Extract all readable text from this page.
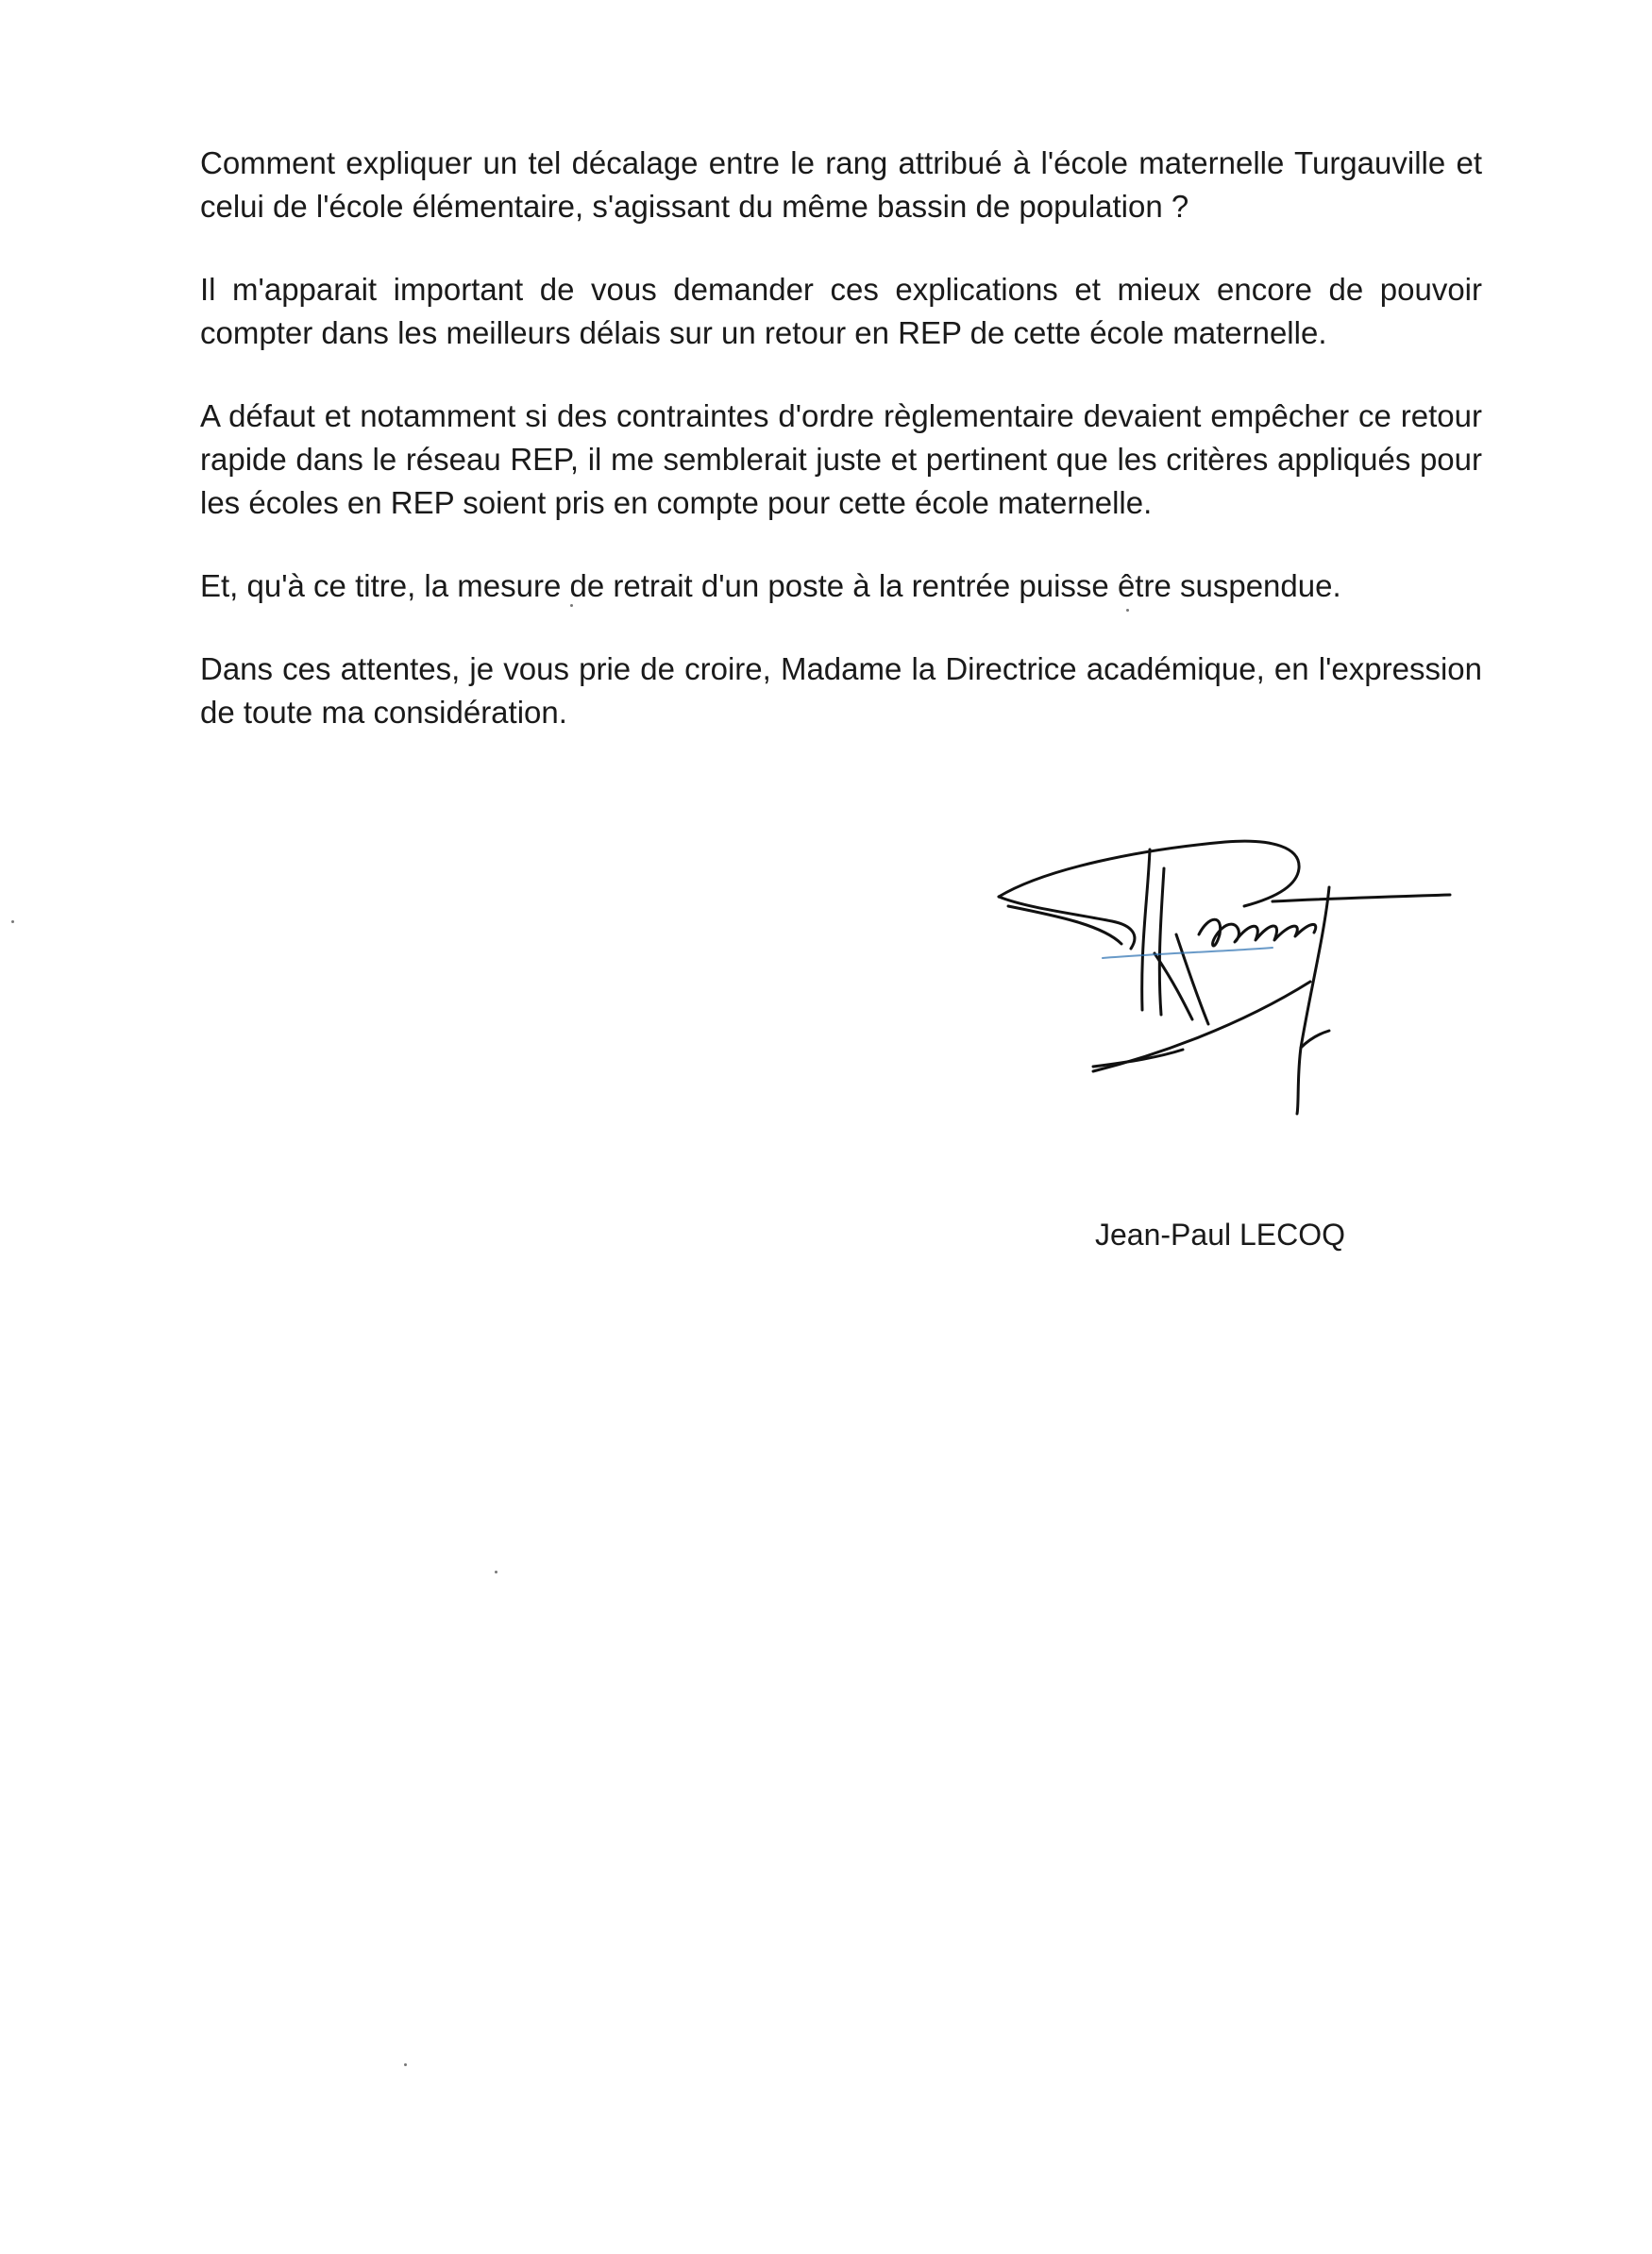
Comment expliquer un tel décalage entre le rang attribué à l'école maternelle Turgauville et celui de l'école élémentaire, s'agissant du même bassin de population ?

Il m'apparait important de vous demander ces explications et mieux encore de pouvoir compter dans les meilleurs délais sur un retour en REP de cette école maternelle.

A défaut et notamment si des contraintes d'ordre règlementaire devaient empêcher ce retour rapide dans le réseau REP, il me semblerait juste et pertinent que les critères appliqués pour les écoles en REP soient pris en compte pour cette école maternelle.

Et, qu'à ce titre, la mesure de retrait d'un poste à la rentrée puisse être suspendue.

Dans ces attentes, je vous prie de croire, Madame la Directrice académique, en l'expression de toute ma considération.

Jean-Paul LECOQ
